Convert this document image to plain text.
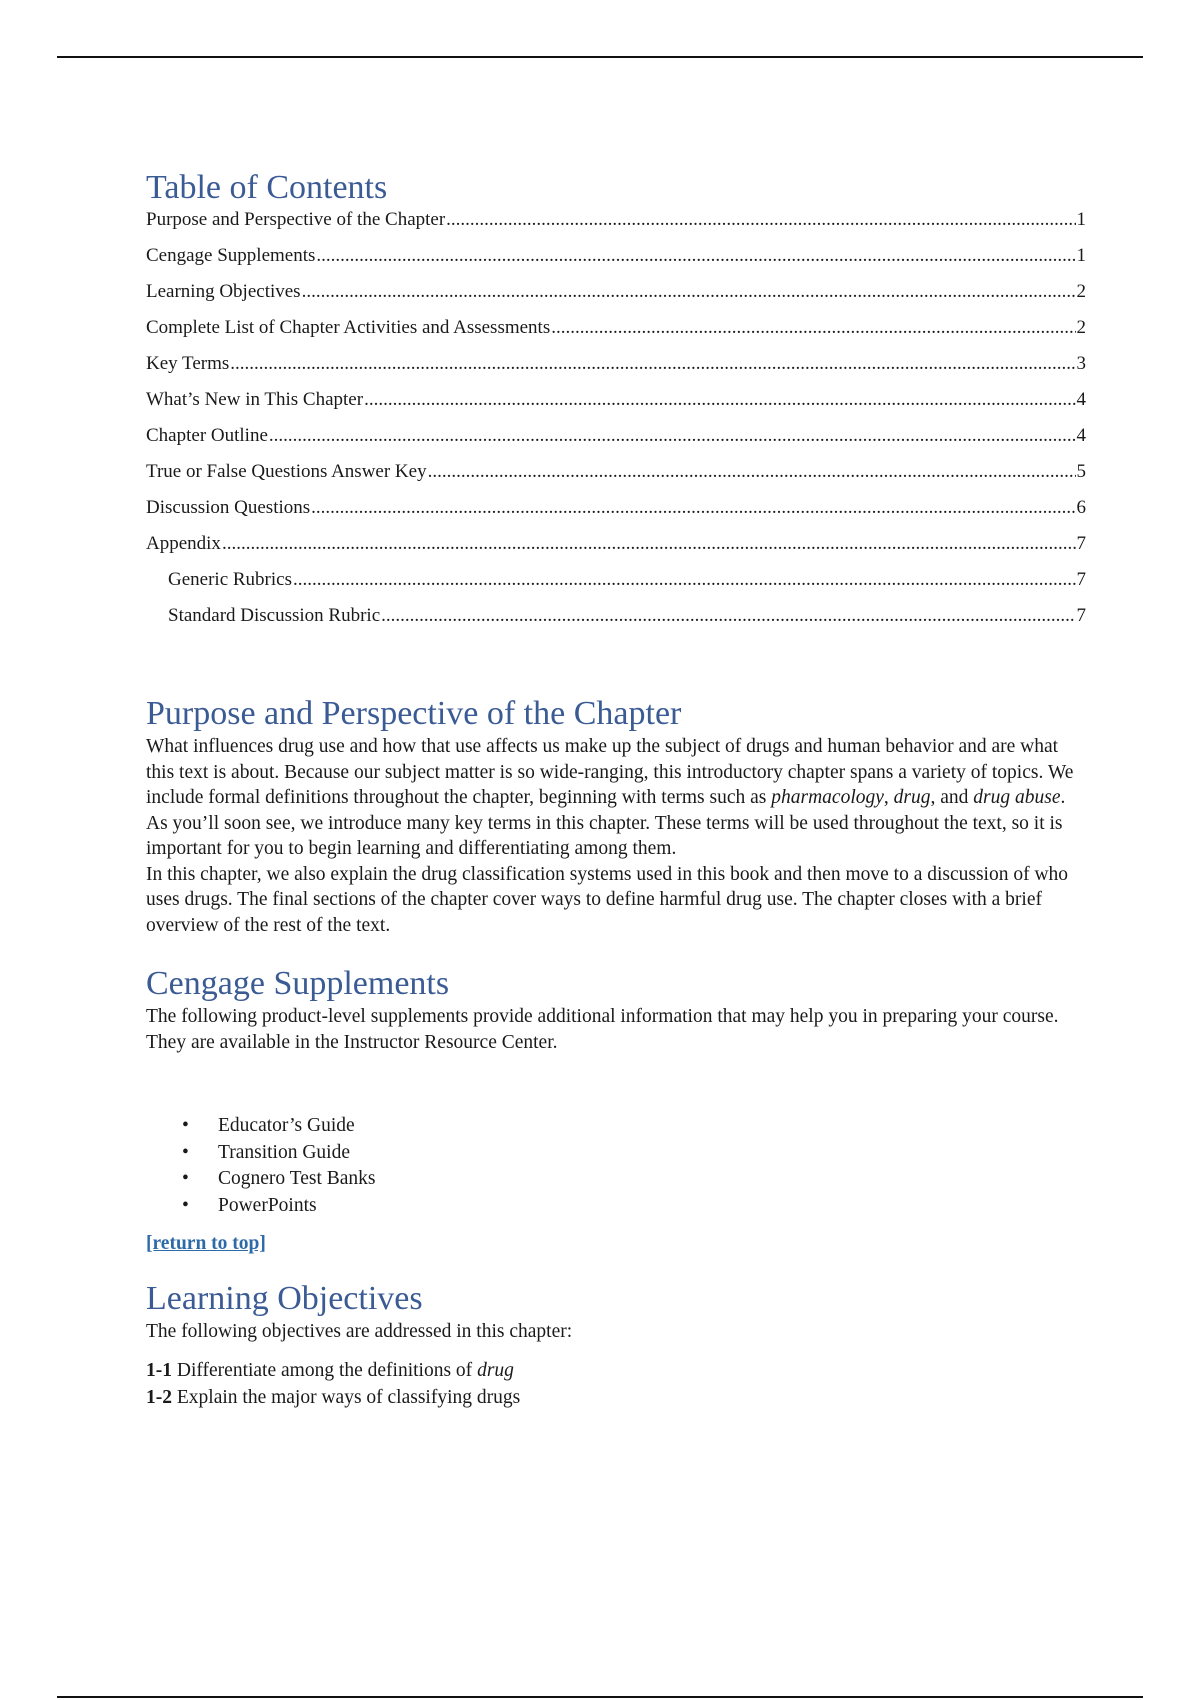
Table of Contents
Purpose and Perspective of the Chapter .....	1
Cengage Supplements .....	1
Learning Objectives .....	2
Complete List of Chapter Activities and Assessments .....	2
Key Terms .....	3
What’s New in This Chapter .....	4
Chapter Outline .....	4
True or False Questions Answer Key .....	5
Discussion Questions .....	6
Appendix .....	7
Generic Rubrics .....	7
Standard Discussion Rubric .....	7
Purpose and Perspective of the Chapter

What influences drug use and how that use affects us make up the subject of drugs and human behavior and are what this text is about. Because our subject matter is so wide-ranging, this introductory chapter spans a variety of topics. We include formal definitions throughout the chapter, beginning with terms such as pharmacology, drug, and drug abuse.

As you’ll soon see, we introduce many key terms in this chapter. These terms will be used throughout the text, so it is important for you to begin learning and differentiating among them.

In this chapter, we also explain the drug classification systems used in this book and then move to a discussion of who uses drugs. The final sections of the chapter cover ways to define harmful drug use. The chapter closes with a brief overview of the rest of the text.

Cengage Supplements

The following product-level supplements provide additional information that may help you in preparing your course. They are available in the Instructor Resource Center.

• Educator’s Guide
• Transition Guide
• Cognero Test Banks
• PowerPoints
[return to top]
Learning Objectives

The following objectives are addressed in this chapter:

1-1 Differentiate among the definitions of drug
1-2 Explain the major ways of classifying drugs
